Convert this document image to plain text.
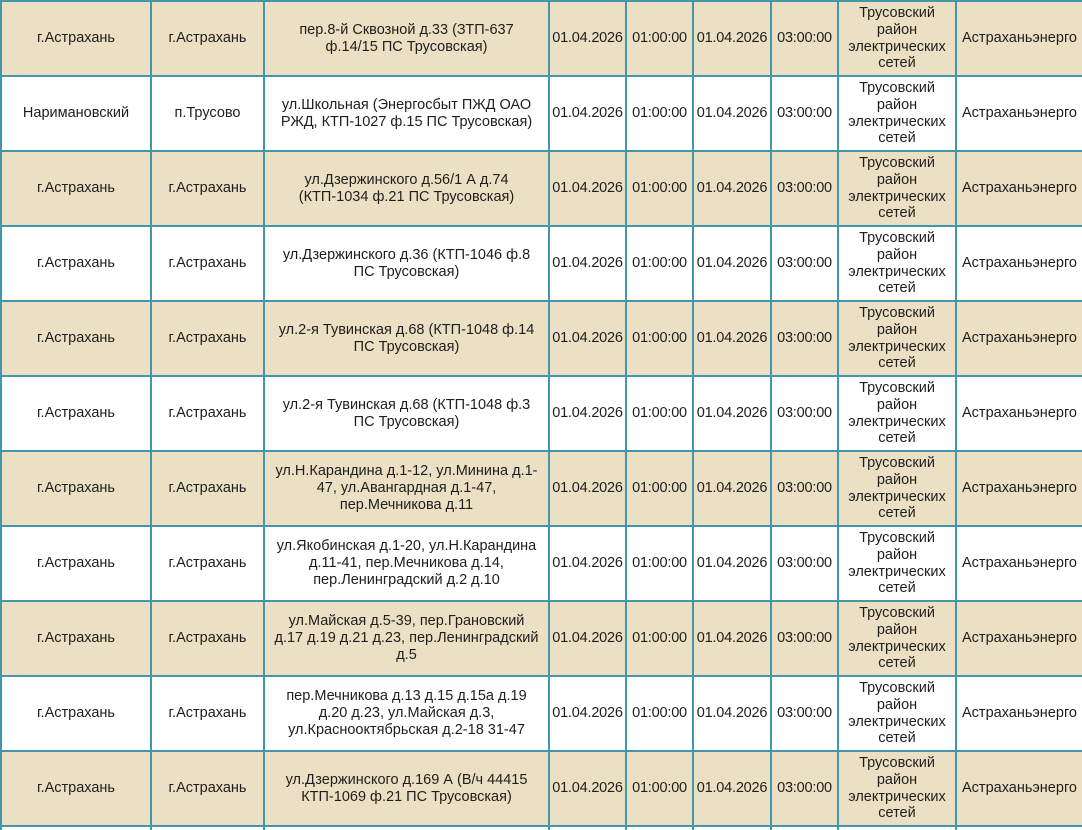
г.Астрахань	г.Астрахань	пер.8-й Сквозной д.33 (ЗТП-637 ф.14/15 ПС Трусовская)	01.04.2026	01:00:00	01.04.2026	03:00:00	Трусовский район электрических сетей	Астраханьэнерго
Наримановский	п.Трусово	ул.Школьная (Энергосбыт ПЖД ОАО РЖД, КТП-1027 ф.15 ПС Трусовская)	01.04.2026	01:00:00	01.04.2026	03:00:00	Трусовский район электрических сетей	Астраханьэнерго
г.Астрахань	г.Астрахань	ул.Дзержинского д.56/1 А д.74 (КТП-1034 ф.21 ПС Трусовская)	01.04.2026	01:00:00	01.04.2026	03:00:00	Трусовский район электрических сетей	Астраханьэнерго
г.Астрахань	г.Астрахань	ул.Дзержинского д.36 (КТП-1046 ф.8 ПС Трусовская)	01.04.2026	01:00:00	01.04.2026	03:00:00	Трусовский район электрических сетей	Астраханьэнерго
г.Астрахань	г.Астрахань	ул.2-я Тувинская д.68 (КТП-1048 ф.14 ПС Трусовская)	01.04.2026	01:00:00	01.04.2026	03:00:00	Трусовский район электрических сетей	Астраханьэнерго
г.Астрахань	г.Астрахань	ул.2-я Тувинская д.68 (КТП-1048 ф.3 ПС Трусовская)	01.04.2026	01:00:00	01.04.2026	03:00:00	Трусовский район электрических сетей	Астраханьэнерго
г.Астрахань	г.Астрахань	ул.Н.Карандина д.1-12, ул.Минина д.1-47, ул.Авангардная д.1-47, пер.Мечникова д.11	01.04.2026	01:00:00	01.04.2026	03:00:00	Трусовский район электрических сетей	Астраханьэнерго
г.Астрахань	г.Астрахань	ул.Якобинская д.1-20, ул.Н.Карандина д.11-41, пер.Мечникова д.14, пер.Ленинградский д.2 д.10	01.04.2026	01:00:00	01.04.2026	03:00:00	Трусовский район электрических сетей	Астраханьэнерго
г.Астрахань	г.Астрахань	ул.Майская д.5-39, пер.Грановский д.17 д.19 д.21 д.23, пер.Ленинградский д.5	01.04.2026	01:00:00	01.04.2026	03:00:00	Трусовский район электрических сетей	Астраханьэнерго
г.Астрахань	г.Астрахань	пер.Мечникова д.13 д.15 д.15а д.19 д.20 д.23, ул.Майская д.3, ул.Краснооктябрьская д.2-18 31-47	01.04.2026	01:00:00	01.04.2026	03:00:00	Трусовский район электрических сетей	Астраханьэнерго
г.Астрахань	г.Астрахань	ул.Дзержинского д.169 А (В/ч 44415 КТП-1069 ф.21 ПС Трусовская)	01.04.2026	01:00:00	01.04.2026	03:00:00	Трусовский район электрических сетей	Астраханьэнерго
